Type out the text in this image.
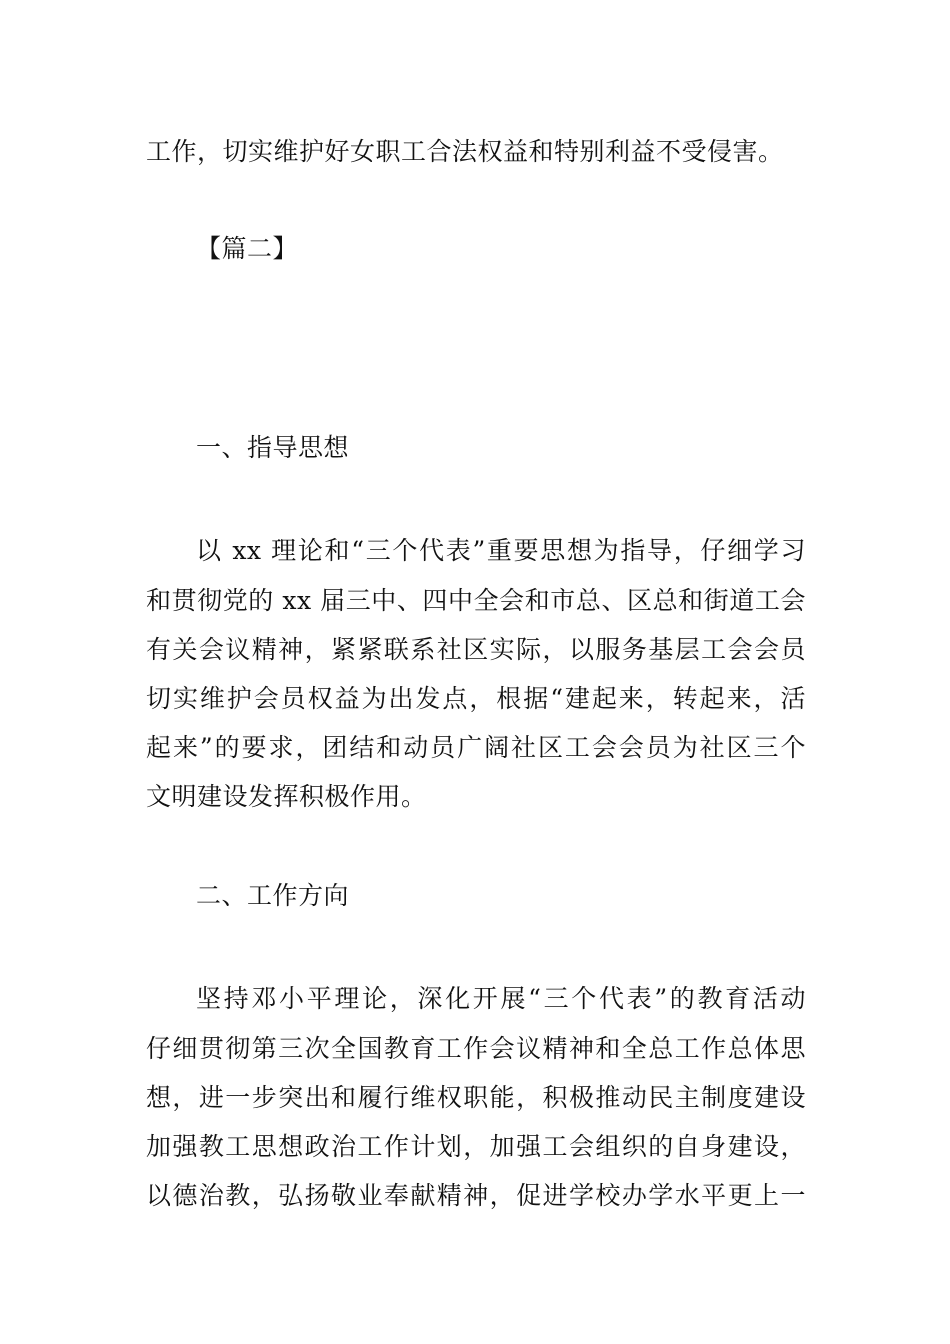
工作，切实维护好女职工合法权益和特别利益不受侵害。
【篇二】
一、指导思想
以 xx 理论和“三个代表”重要思想为指导，仔细学习
和贯彻党的 xx 届三中、四中全会和市总、区总和街道工会
有关会议精神，紧紧联系社区实际，以服务基层工会会员
切实维护会员权益为出发点，根据“建起来，转起来，活
起来”的要求，团结和动员广阔社区工会会员为社区三个
文明建设发挥积极作用。
二、工作方向
坚持邓小平理论，深化开展“三个代表”的教育活动
仔细贯彻第三次全国教育工作会议精神和全总工作总体思
想，进一步突出和履行维权职能，积极推动民主制度建设
加强教工思想政治工作计划，加强工会组织的自身建设，
以德治教，弘扬敬业奉献精神，促进学校办学水平更上一
